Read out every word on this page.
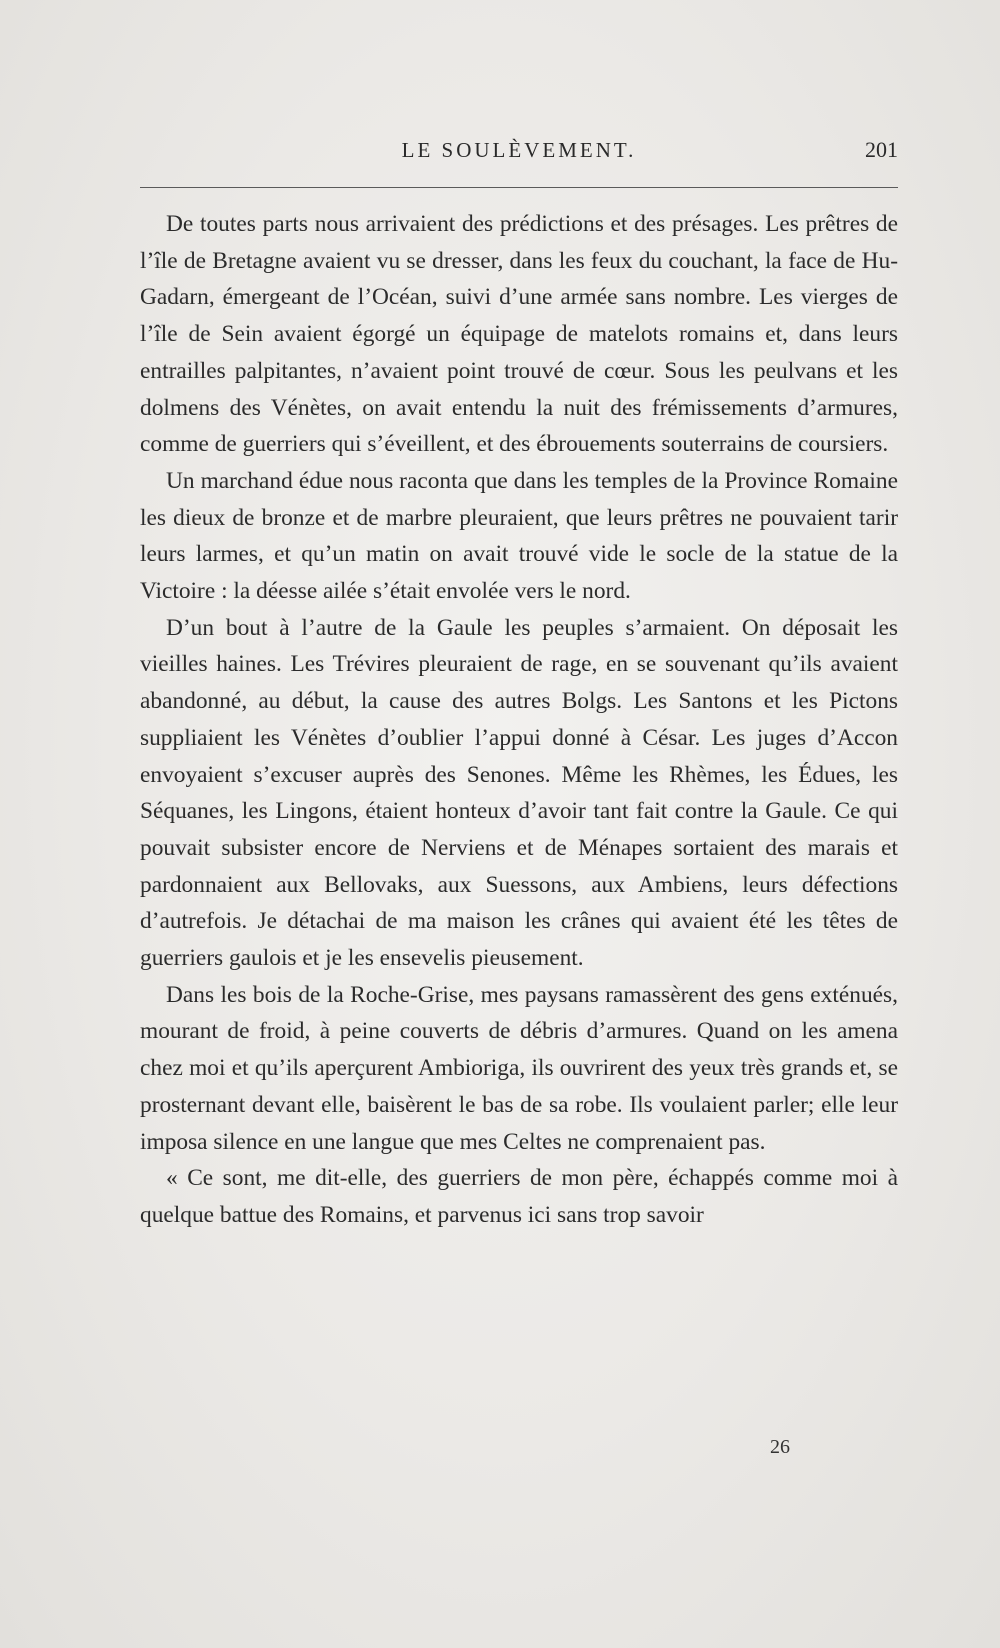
LE SOULÈVEMENT.	201

De toutes parts nous arrivaient des prédictions et des présages. Les prêtres de l’île de Bretagne avaient vu se dresser, dans les feux du couchant, la face de Hu-Gadarn, émergeant de l’Océan, suivi d’une armée sans nombre. Les vierges de l’île de Sein avaient égorgé un équipage de matelots romains et, dans leurs entrailles palpitantes, n’avaient point trouvé de cœur. Sous les peulvans et les dolmens des Vénètes, on avait entendu la nuit des frémissements d’armures, comme de guerriers qui s’éveillent, et des ébrouements souterrains de coursiers.

Un marchand édue nous raconta que dans les temples de la Province Romaine les dieux de bronze et de marbre pleuraient, que leurs prêtres ne pouvaient tarir leurs larmes, et qu’un matin on avait trouvé vide le socle de la statue de la Victoire : la déesse ailée s’était envolée vers le nord.

D’un bout à l’autre de la Gaule les peuples s’armaient. On déposait les vieilles haines. Les Trévires pleuraient de rage, en se souvenant qu’ils avaient abandonné, au début, la cause des autres Bolgs. Les Santons et les Pictons suppliaient les Vénètes d’oublier l’appui donné à César. Les juges d’Accon envoyaient s’excuser auprès des Senones. Même les Rhèmes, les Édues, les Séquanes, les Lingons, étaient honteux d’avoir tant fait contre la Gaule. Ce qui pouvait subsister encore de Nerviens et de Ménapes sortaient des marais et pardonnaient aux Bellovaks, aux Suessons, aux Ambiens, leurs défections d’autrefois. Je détachai de ma maison les crânes qui avaient été les têtes de guerriers gaulois et je les ensevelis pieusement.

Dans les bois de la Roche-Grise, mes paysans ramassèrent des gens exténués, mourant de froid, à peine couverts de débris d’armures. Quand on les amena chez moi et qu’ils aperçurent Ambioriga, ils ouvrirent des yeux très grands et, se prosternant devant elle, baisèrent le bas de sa robe. Ils voulaient parler; elle leur imposa silence en une langue que mes Celtes ne comprenaient pas.

« Ce sont, me dit-elle, des guerriers de mon père, échappés comme moi à quelque battue des Romains, et parvenus ici sans trop savoir

26
